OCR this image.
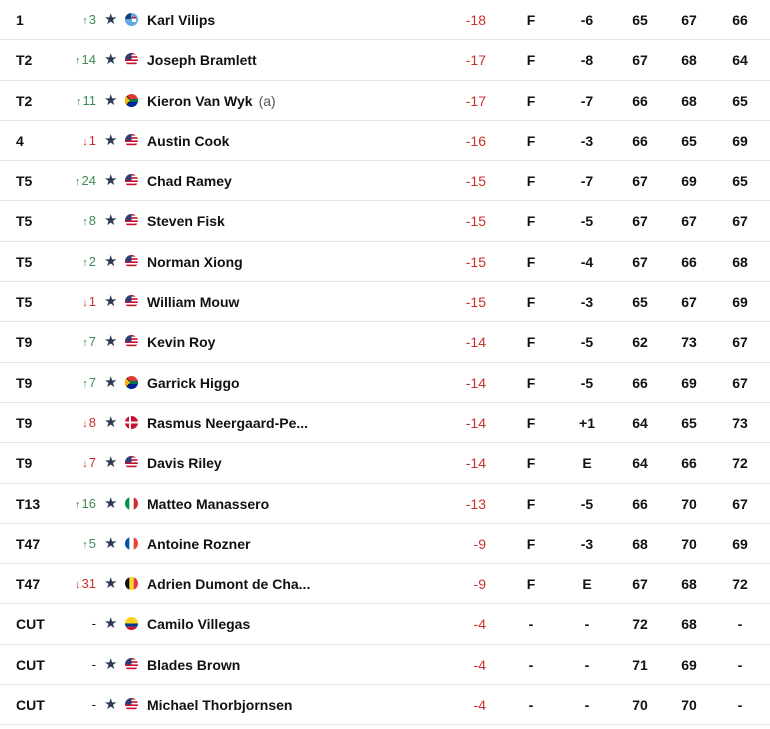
1	↑3 ★ Karl Vilips	-18	F	-6	65	67	66
T2	↑14 ★ Joseph Bramlett	-17	F	-8	67	68	64
T2	↑11 ★ Kieron Van Wyk (a)	-17	F	-7	66	68	65
4	↓1 ★ Austin Cook	-16	F	-3	66	65	69
T5	↑24 ★ Chad Ramey	-15	F	-7	67	69	65
T5	↑8 ★ Steven Fisk	-15	F	-5	67	67	67
T5	↑2 ★ Norman Xiong	-15	F	-4	67	66	68
T5	↓1 ★ William Mouw	-15	F	-3	65	67	69
T9	↑7 ★ Kevin Roy	-14	F	-5	62	73	67
T9	↑7 ★ Garrick Higgo	-14	F	-5	66	69	67
T9	↓8 ★ Rasmus Neergaard-Pe...	-14	F	+1	64	65	73
T9	↓7 ★ Davis Riley	-14	F	E	64	66	72
T13	↑16 ★ Matteo Manassero	-13	F	-5	66	70	67
T47	↑5 ★ Antoine Rozner	-9	F	-3	68	70	69
T47	↓31 ★ Adrien Dumont de Cha...	-9	F	E	67	68	72
CUT	- ★ Camilo Villegas	-4	-	-	72	68	-
CUT	- ★ Blades Brown	-4	-	-	71	69	-
CUT	- ★ Michael Thorbjornsen	-4	-	-	70	70	-
